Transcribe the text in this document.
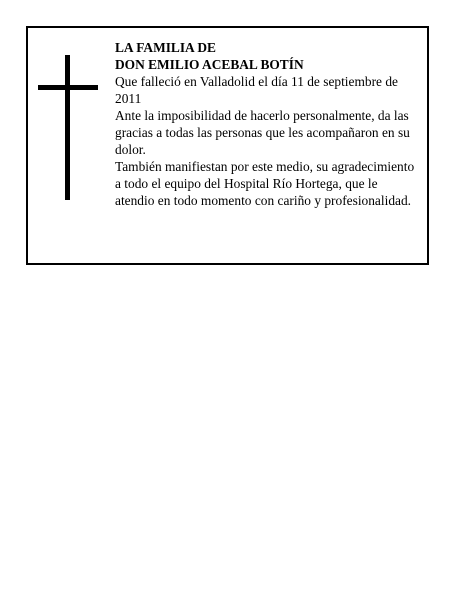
LA FAMILIA DE
DON EMILIO ACEBAL BOTÍN

Que falleció en Valladolid el día 11 de septiembre de 2011

Ante la imposibilidad de hacerlo personalmente, da las gracias a todas las personas que les acompañaron en su dolor.

También manifiestan por este medio, su agradecimiento a todo el equipo del Hospital Río Hortega, que le atendio en todo momento con cariño y profesionalidad.
